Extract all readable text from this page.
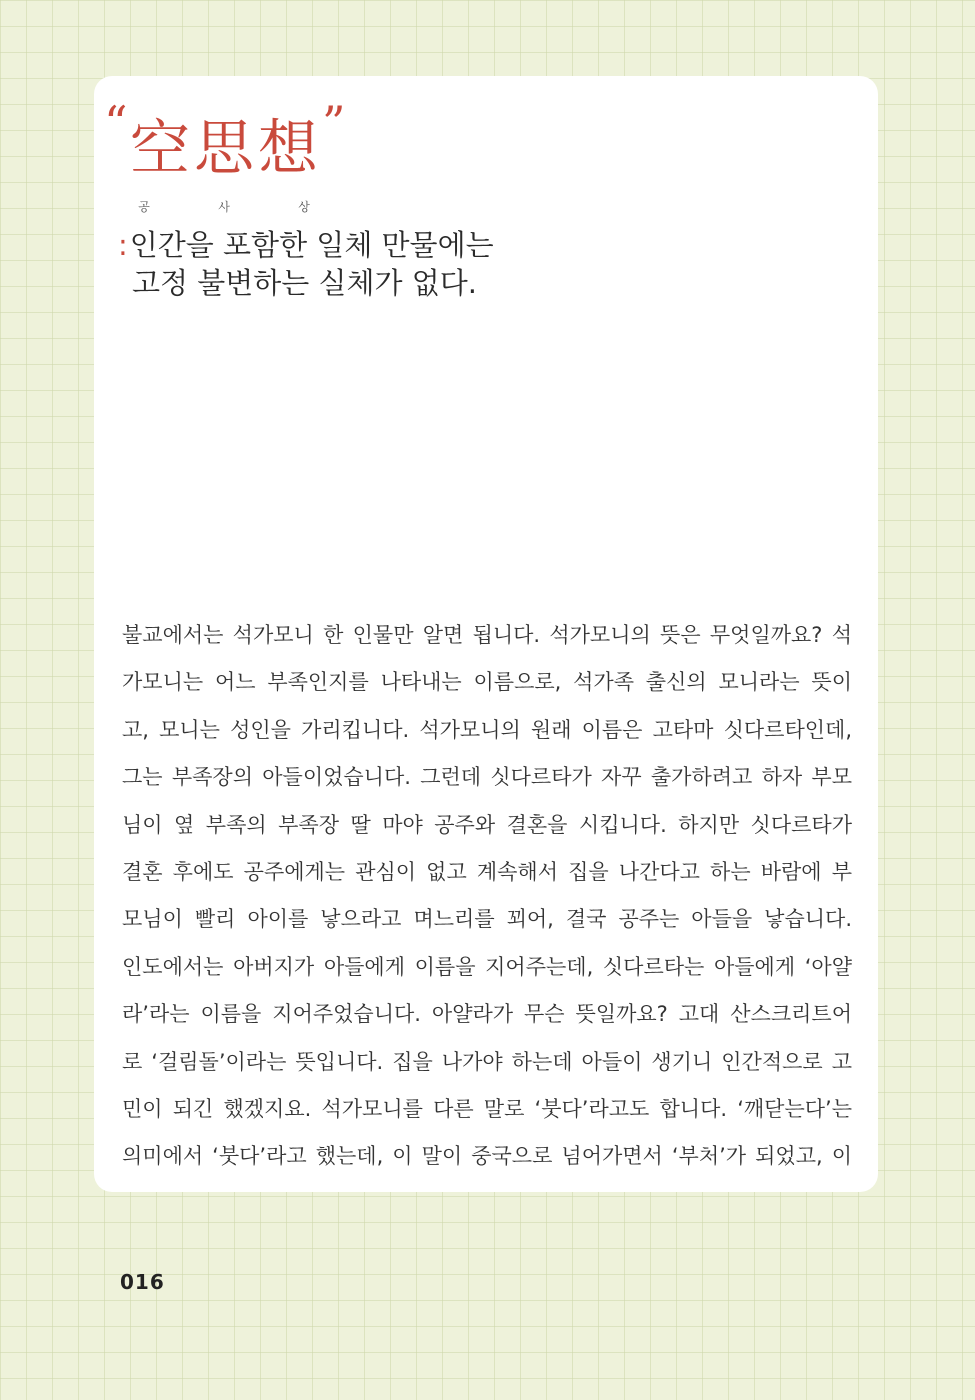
“ 空思想 ”
공	사	상
:인간을 포함한 일체 만물에는
고정 불변하는 실체가 없다.
불교에서는 석가모니 한 인물만 알면 됩니다. 석가모니의 뜻은 무엇일까요? 석
가모니는 어느 부족인지를 나타내는 이름으로, 석가족 출신의 모니라는 뜻이
고, 모니는 성인을 가리킵니다. 석가모니의 원래 이름은 고타마 싯다르타인데,
그는 부족장의 아들이었습니다. 그런데 싯다르타가 자꾸 출가하려고 하자 부모
님이 옆 부족의 부족장 딸 마야 공주와 결혼을 시킵니다. 하지만 싯다르타가
결혼 후에도 공주에게는 관심이 없고 계속해서 집을 나간다고 하는 바람에 부
모님이 빨리 아이를 낳으라고 며느리를 꾀어, 결국 공주는 아들을 낳습니다.
인도에서는 아버지가 아들에게 이름을 지어주는데, 싯다르타는 아들에게 ‘아얄
라’라는 이름을 지어주었습니다. 아얄라가 무슨 뜻일까요? 고대 산스크리트어
로 ‘걸림돌’이라는 뜻입니다. 집을 나가야 하는데 아들이 생기니 인간적으로 고
민이 되긴 했겠지요. 석가모니를 다른 말로 ‘붓다’라고도 합니다. ‘깨닫는다’는
의미에서 ‘붓다’라고 했는데, 이 말이 중국으로 넘어가면서 ‘부처’가 되었고, 이
016
